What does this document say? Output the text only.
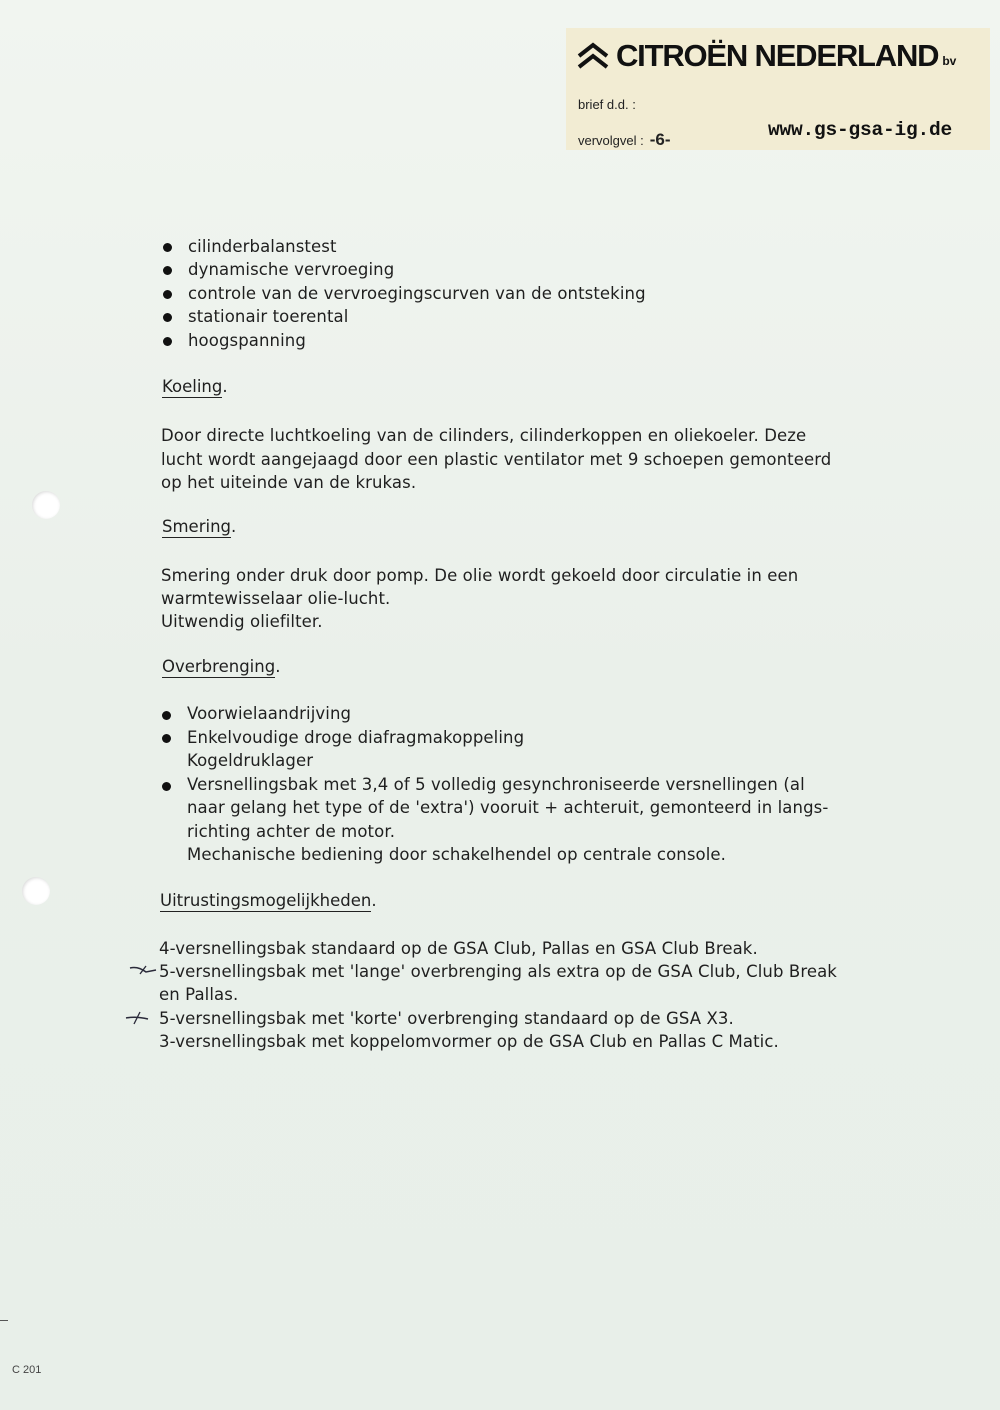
CITROËN NEDERLAND bv
brief d.d. :
vervolgvel : -6-	www.gs-gsa-ig.de
cilinderbalanstest
dynamische vervroeging
controle van de vervroegingscurven van de ontsteking
stationair toerental
hoogspanning
Koeling.
Door directe luchtkoeling van de cilinders, cilinderkoppen en oliekoeler. Deze
lucht wordt aangejaagd door een plastic ventilator met 9 schoepen gemonteerd
op het uiteinde van de krukas.
Smering.
Smering onder druk door pomp. De olie wordt gekoeld door circulatie in een
warmtewisselaar olie-lucht.
Uitwendig oliefilter.
Overbrenging.
Voorwielaandrijving
Enkelvoudige droge diafragmakoppeling
Kogeldruklager
Versnellingsbak met 3,4 of 5 volledig gesynchroniseerde versnellingen (al
naar gelang het type of de 'extra') vooruit + achteruit, gemonteerd in langs-
richting achter de motor.
Mechanische bediening door schakelhendel op centrale console.
Uitrustingsmogelijkheden.
4-versnellingsbak standaard op de GSA Club, Pallas en GSA Club Break.
5-versnellingsbak met 'lange' overbrenging als extra op de GSA Club, Club Break
en Pallas.
5-versnellingsbak met 'korte' overbrenging standaard op de GSA X3.
3-versnellingsbak met koppelomvormer op de GSA Club en Pallas C Matic.
C 201
